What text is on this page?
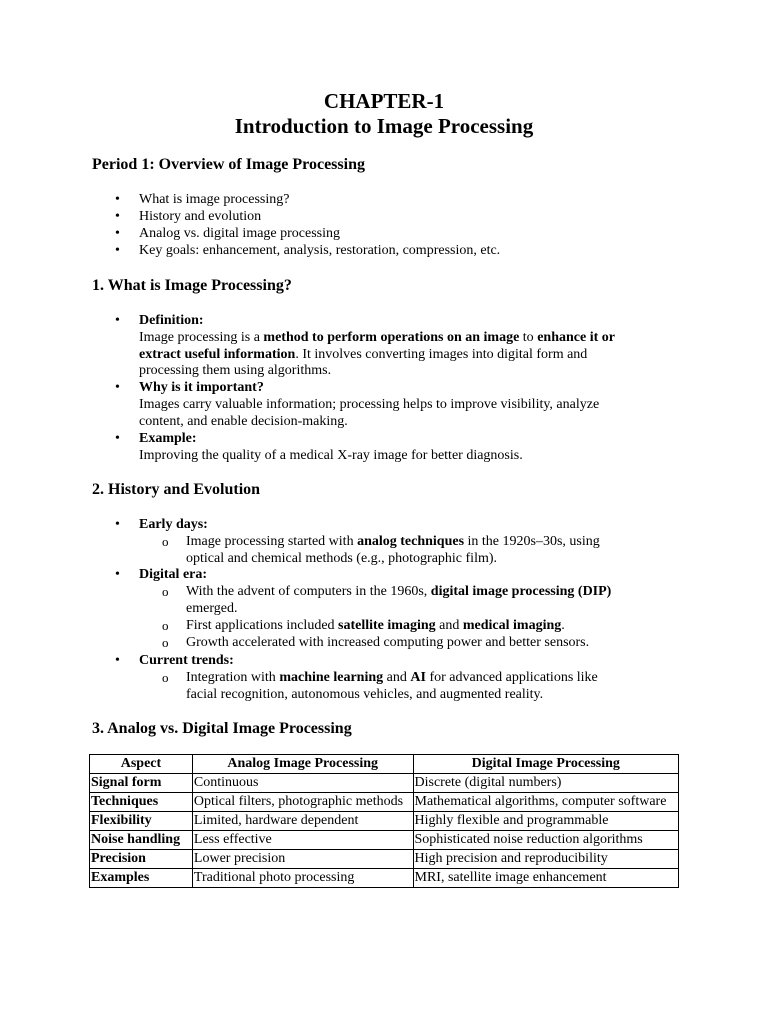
CHAPTER-1
Introduction to Image Processing
Period 1: Overview of Image Processing
• What is image processing?
• History and evolution
• Analog vs. digital image processing
• Key goals: enhancement, analysis, restoration, compression, etc.
1. What is Image Processing?
• Definition:
Image processing is a method to perform operations on an image to enhance it or
extract useful information. It involves converting images into digital form and
processing them using algorithms.
• Why is it important?
Images carry valuable information; processing helps to improve visibility, analyze
content, and enable decision-making.
• Example:
Improving the quality of a medical X-ray image for better diagnosis.
2. History and Evolution
• Early days:
o Image processing started with analog techniques in the 1920s–30s, using
optical and chemical methods (e.g., photographic film).
• Digital era:
o With the advent of computers in the 1960s, digital image processing (DIP)
emerged.
o First applications included satellite imaging and medical imaging.
o Growth accelerated with increased computing power and better sensors.
• Current trends:
o Integration with machine learning and AI for advanced applications like
facial recognition, autonomous vehicles, and augmented reality.
3. Analog vs. Digital Image Processing
Aspect	Analog Image Processing	Digital Image Processing
Signal form	Continuous	Discrete (digital numbers)
Techniques	Optical filters, photographic methods	Mathematical algorithms, computer software
Flexibility	Limited, hardware dependent	Highly flexible and programmable
Noise handling	Less effective	Sophisticated noise reduction algorithms
Precision	Lower precision	High precision and reproducibility
Examples	Traditional photo processing	MRI, satellite image enhancement
